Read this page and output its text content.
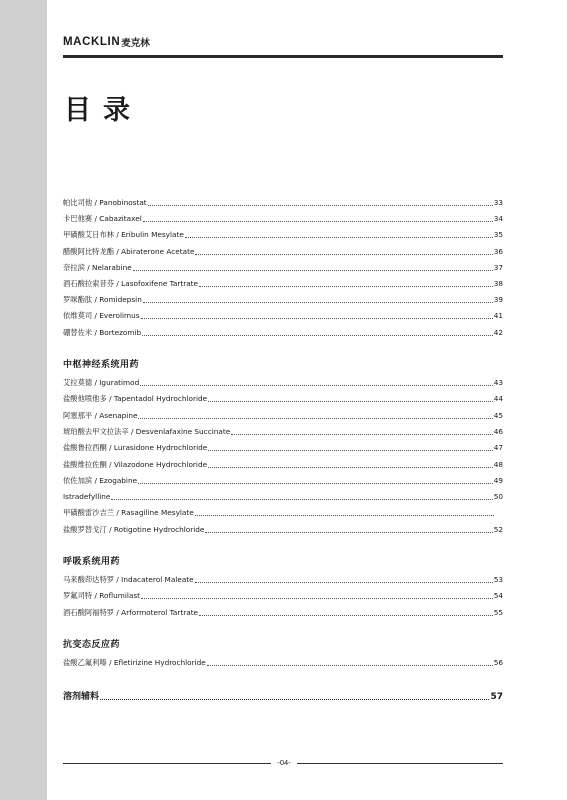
MACKLIN 麦克林
目录
帕比司他 / Panobinostat	33
卡巴他赛 / Cabazitaxel	34
甲磺酸艾日布林 / Eribulin Mesylate	35
醋酸阿比特龙酯 / Abiraterone Acetate	36
奈拉滨 / Nelarabine	37
酒石酸拉索昔芬 / Lasofoxifene Tartrate	38
罗咪酯肽 / Romidepsin	39
依维莫司 / Everolimus	41
硼替佐米 / Bortezomib	42
中枢神经系统用药
艾拉莫德 / Iguratimod	43
盐酸他喷他多 / Tapentadol Hydrochloride	44
阿塞那平 / Asenapine	45
琥珀酸去甲文拉法辛 / Desvenlafaxine Succinate	46
盐酸鲁拉西酮 / Lurasidone Hydrochloride	47
盐酸维拉佐酮 / Vilazodone Hydrochloride	48
依佐加滨 / Ezogabine	49
Istradefylline	50
甲磺酸雷沙吉兰 / Rasagiline Mesylate
盐酸罗替戈汀 / Rotigotine Hydrochloride	52
呼吸系统用药
马来酸茚达特罗 / Indacaterol Maleate	53
罗氟司特 / Roflumilast	54
酒石酸阿福特罗 / Arformoterol Tartrate	55
抗变态反应药
盐酸乙氟利嗪 / Efletirizine Hydrochloride	56
溶剂辅料	57
-04-
